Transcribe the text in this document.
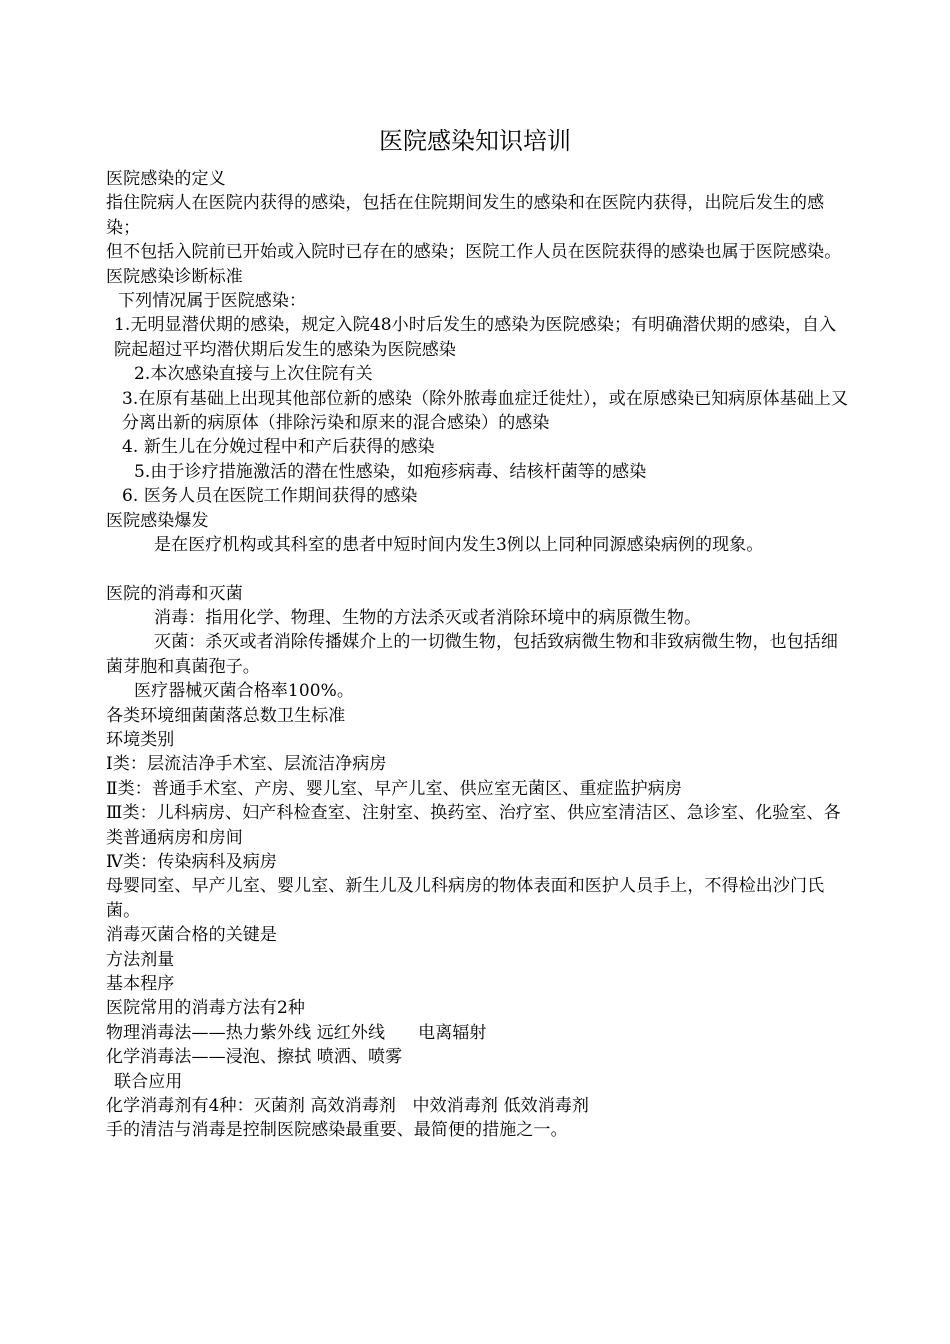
医院感染知识培训

医院感染的定义

指住院病人在医院内获得的感染，包括在住院期间发生的感染和在医院内获得，出院后发生的感染；

但不包括入院前已开始或入院时已存在的感染；医院工作人员在医院获得的感染也属于医院感染。

医院感染诊断标准

下列情况属于医院感染：

1.无明显潜伏期的感染，规定入院48小时后发生的感染为医院感染；有明确潜伏期的感染，自入院起超过平均潜伏期后发生的感染为医院感染

2.本次感染直接与上次住院有关

3.在原有基础上出现其他部位新的感染（除外脓毒血症迁徙灶），或在原感染已知病原体基础上又分离出新的病原体（排除污染和原来的混合感染）的感染

4. 新生儿在分娩过程中和产后获得的感染

5.由于诊疗措施激活的潜在性感染，如疱疹病毒、结核杆菌等的感染

6. 医务人员在医院工作期间获得的感染

医院感染爆发

是在医疗机构或其科室的患者中短时间内发生3例以上同种同源感染病例的现象。

医院的消毒和灭菌

消毒：指用化学、物理、生物的方法杀灭或者消除环境中的病原微生物。

灭菌：杀灭或者消除传播媒介上的一切微生物，包括致病微生物和非致病微生物，也包括细菌芽胞和真菌孢子。

医疗器械灭菌合格率100%。

各类环境细菌菌落总数卫生标准

环境类别

Ⅰ类：层流洁净手术室、层流洁净病房

Ⅱ类：普通手术室、产房、婴儿室、早产儿室、供应室无菌区、重症监护病房

Ⅲ类：儿科病房、妇产科检查室、注射室、换药室、治疗室、供应室清洁区、急诊室、化验室、各类普通病房和房间

Ⅳ类：传染病科及病房

母婴同室、早产儿室、婴儿室、新生儿及儿科病房的物体表面和医护人员手上，不得检出沙门氏菌。

消毒灭菌合格的关键是

方法剂量

基本程序

医院常用的消毒方法有2种

物理消毒法——热力紫外线 远红外线      电离辐射

化学消毒法——浸泡、擦拭 喷洒、喷雾

联合应用

化学消毒剂有4种：灭菌剂 高效消毒剂   中效消毒剂 低效消毒剂

手的清洁与消毒是控制医院感染最重要、最简便的措施之一。
